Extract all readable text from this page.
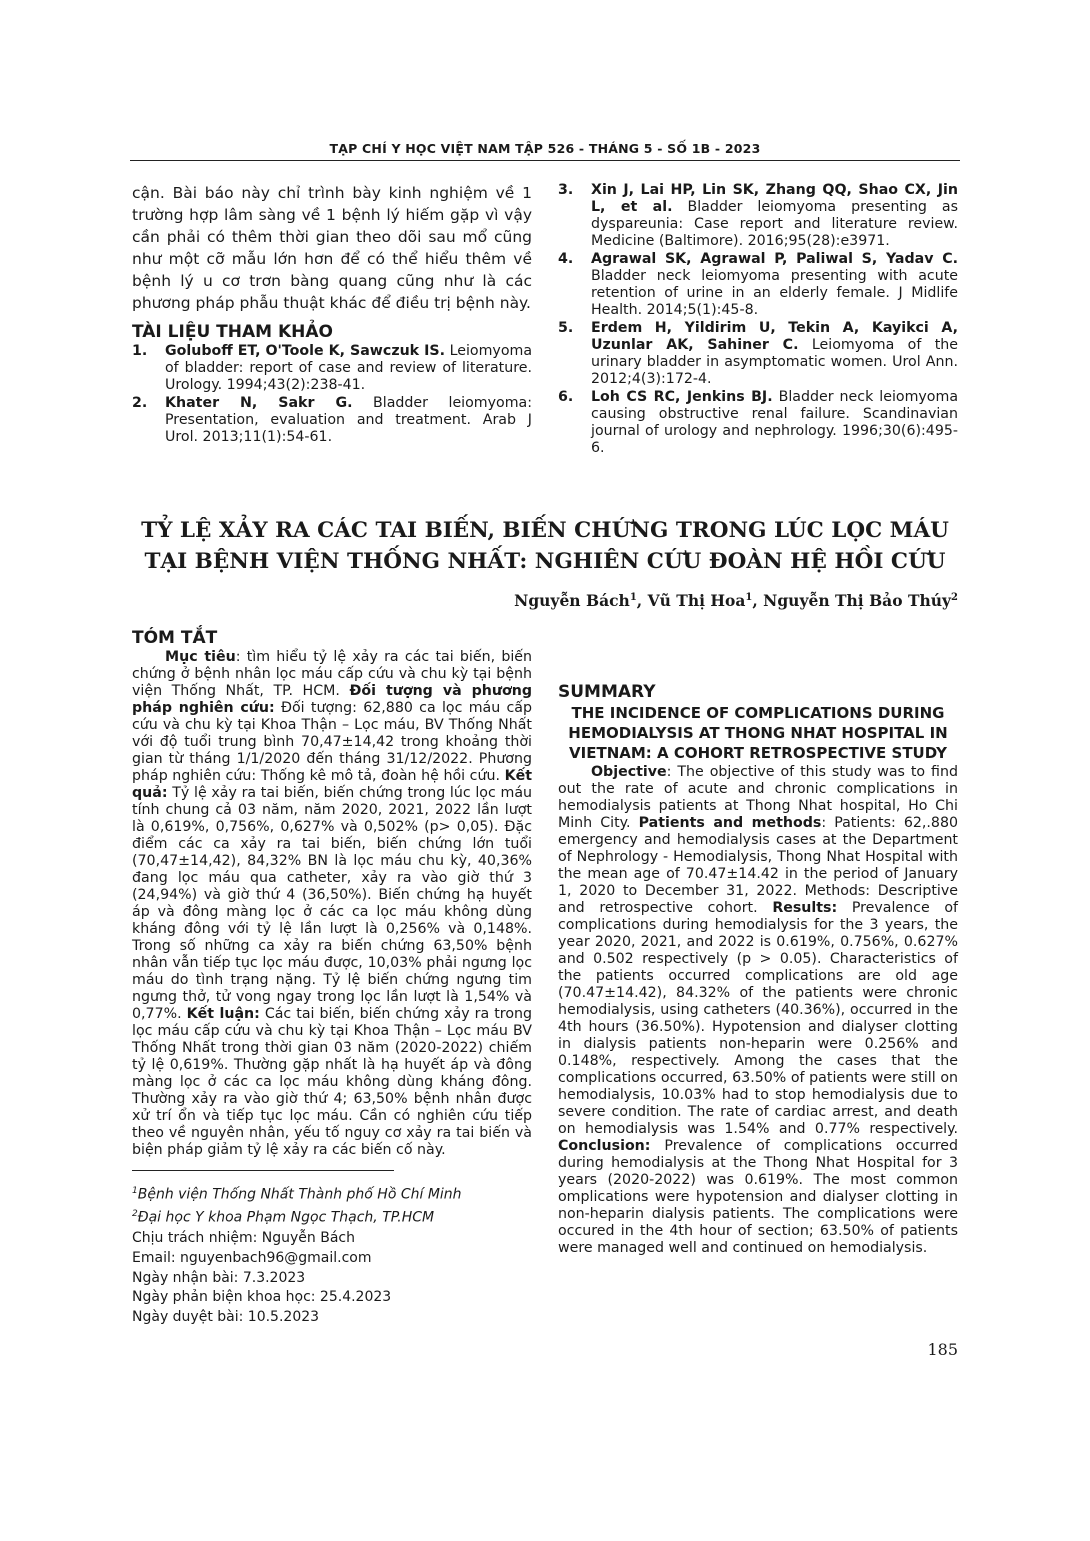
TẠP CHÍ Y HỌC VIỆT NAM TẬP 526 - THÁNG 5 - SỐ 1B - 2023

cận. Bài báo này chỉ trình bày kinh nghiệm về 1 trường hợp lâm sàng về 1 bệnh lý hiếm gặp vì vậy cần phải có thêm thời gian theo dõi sau mổ cũng như một cỡ mẫu lớn hơn để có thể hiểu thêm về bệnh lý u cơ trơn bàng quang cũng như là các phương pháp phẫu thuật khác để điều trị bệnh này.

TÀI LIỆU THAM KHẢO
1.	Goluboff ET, O'Toole K, Sawczuk IS. Leiomyoma of bladder: report of case and review of literature. Urology. 1994;43(2):238-41.
2.	Khater N, Sakr G. Bladder leiomyoma: Presentation, evaluation and treatment. Arab J Urol. 2013;11(1):54-61.
3.	Xin J, Lai HP, Lin SK, Zhang QQ, Shao CX, Jin L, et al. Bladder leiomyoma presenting as dyspareunia: Case report and literature review. Medicine (Baltimore). 2016;95(28):e3971.
4.	Agrawal SK, Agrawal P, Paliwal S, Yadav C. Bladder neck leiomyoma presenting with acute retention of urine in an elderly female. J Midlife Health. 2014;5(1):45-8.
5.	Erdem H, Yildirim U, Tekin A, Kayikci A, Uzunlar AK, Sahiner C. Leiomyoma of the urinary bladder in asymptomatic women. Urol Ann. 2012;4(3):172-4.
6.	Loh CS RC, Jenkins BJ. Bladder neck leiomyoma causing obstructive renal failure. Scandinavian journal of urology and nephrology. 1996;30(6):495-6.
TỶ LỆ XẢY RA CÁC TAI BIẾN, BIẾN CHỨNG TRONG LÚC LỌC MÁU
TẠI BỆNH VIỆN THỐNG NHẤT: NGHIÊN CỨU ĐOÀN HỆ HỒI CỨU
Nguyễn Bách$^1$, Vũ Thị Hoa$^1$, Nguyễn Thị Bảo Thúy$^2$
TÓM TẮT

Mục tiêu: tìm hiểu tỷ lệ xảy ra các tai biến, biến chứng ở bệnh nhân lọc máu cấp cứu và chu kỳ tại bệnh viện Thống Nhất, TP. HCM. Đối tượng và phương pháp nghiên cứu: Đối tượng: 62,880 ca lọc máu cấp cứu và chu kỳ tại Khoa Thận – Lọc máu, BV Thống Nhất với độ tuổi trung bình 70,47±14,42 trong khoảng thời gian từ tháng 1/1/2020 đến tháng 31/12/2022. Phương pháp nghiên cứu: Thống kê mô tả, đoàn hệ hồi cứu. Kết quả: Tỷ lệ xảy ra tai biến, biến chứng trong lúc lọc máu tính chung cả 03 năm, năm 2020, 2021, 2022 lần lượt là 0,619%, 0,756%, 0,627% và 0,502% (p> 0,05). Đặc điểm các ca xảy ra tai biến, biến chứng lớn tuổi (70,47±14,42), 84,32% BN là lọc máu chu kỳ, 40,36% đang lọc máu qua catheter, xảy ra vào giờ thứ 3 (24,94%) và giờ thứ 4 (36,50%). Biến chứng hạ huyết áp và đông màng lọc ở các ca lọc máu không dùng kháng đông với tỷ lệ lần lượt là 0,256% và 0,148%. Trong số những ca xảy ra biến chứng 63,50% bệnh nhân vẫn tiếp tục lọc máu được, 10,03% phải ngưng lọc máu do tình trạng nặng. Tỷ lệ biến chứng ngưng tim ngưng thở, tử vong ngay trong lọc lần lượt là 1,54% và 0,77%. Kết luận: Các tai biến, biến chứng xảy ra trong lọc máu cấp cứu và chu kỳ tại Khoa Thận – Lọc máu BV Thống Nhất trong thời gian 03 năm (2020-2022) chiếm tỷ lệ 0,619%. Thường gặp nhất là hạ huyết áp và đông màng lọc ở các ca lọc máu không dùng kháng đông. Thường xảy ra vào giờ thứ 4; 63,50% bệnh nhân được xử trí ổn và tiếp tục lọc máu. Cần có nghiên cứu tiếp theo về nguyên nhân, yếu tố nguy cơ xảy ra tai biến và biện pháp giảm tỷ lệ xảy ra các biến cố này.

SUMMARY
THE INCIDENCE OF COMPLICATIONS DURING HEMODIALYSIS AT THONG NHAT HOSPITAL IN VIETNAM: A COHORT RETROSPECTIVE STUDY

Objective: The objective of this study was to find out the rate of acute and chronic complications in hemodialysis patients at Thong Nhat hospital, Ho Chi Minh City. Patients and methods: Patients: 62,.880 emergency and hemodialysis cases at the Department of Nephrology - Hemodialysis, Thong Nhat Hospital with the mean age of 70.47±14.42 in the period of January 1, 2020 to December 31, 2022. Methods: Descriptive and retrospective cohort. Results: Prevalence of complications during hemodialysis for the 3 years, the year 2020, 2021, and 2022 is 0.619%, 0.756%, 0.627% and 0.502 respectively (p > 0.05). Characteristics of the patients occurred complications are old age (70.47±14.42), 84.32% of the patients were chronic hemodialysis, using catheters (40.36%), occurred in the 4th hours (36.50%). Hypotension and dialyser clotting in dialysis patients non-heparin were 0.256% and 0.148%, respectively. Among the cases that the complications occurred, 63.50% of patients were still on hemodialysis, 10.03% had to stop hemodialysis due to severe condition. The rate of cardiac arrest, and death on hemodialysis was 1.54% and 0.77% respectively. Conclusion: Prevalence of complications occurred during hemodialysis at the Thong Nhat Hospital for 3 years (2020-2022) was 0.619%. The most common omplications were hypotension and dialyser clotting in non-heparin dialysis patients. The complications were occured in the 4th hour of section; 63.50% of patients were managed well and continued on hemodialysis.

$^1$Bệnh viện Thống Nhất Thành phố Hồ Chí Minh
$^2$Đại học Y khoa Phạm Ngọc Thạch, TP.HCM
Chịu trách nhiệm: Nguyễn Bách
Email: nguyenbach96@gmail.com
Ngày nhận bài: 7.3.2023
Ngày phản biện khoa học: 25.4.2023
Ngày duyệt bài: 10.5.2023
185
